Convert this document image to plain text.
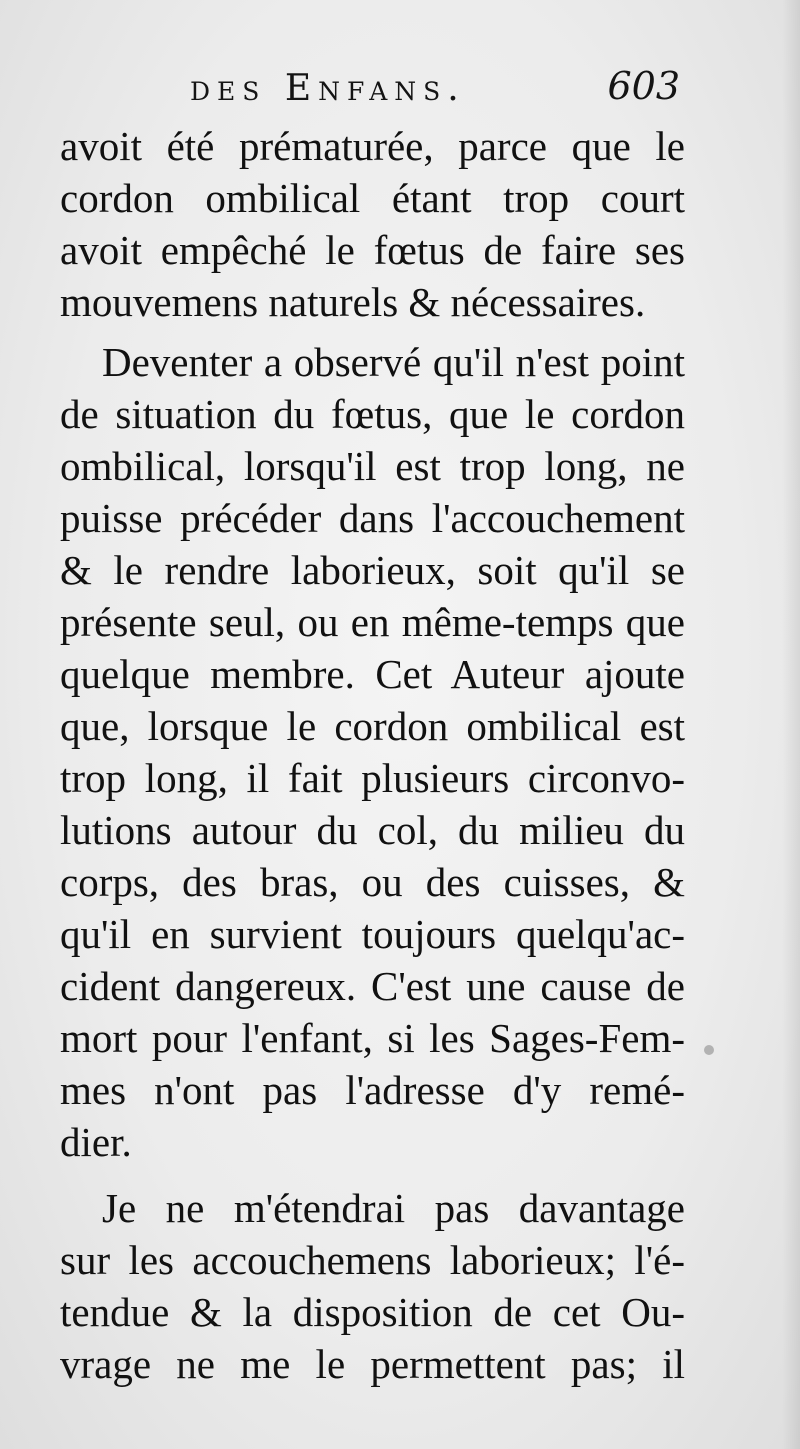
des Enfans.	603
avoit été prématurée, parce que le
cordon ombilical étant trop court
avoit empêché le fœtus de faire ses
mouvemens naturels & nécessaires.
Deventer a observé qu'il n'est point
de situation du fœtus, que le cordon
ombilical, lorsqu'il est trop long, ne
puisse précéder dans l'accouchement
& le rendre laborieux, soit qu'il se
présente seul, ou en même-temps que
quelque membre. Cet Auteur ajoute
que, lorsque le cordon ombilical est
trop long, il fait plusieurs circonvo-
lutions autour du col, du milieu du
corps, des bras, ou des cuisses, &
qu'il en survient toujours quelqu'ac-
cident dangereux. C'est une cause de
mort pour l'enfant, si les Sages-Fem-
mes n'ont pas l'adresse d'y remé-
dier.
Je ne m'étendrai pas davantage
sur les accouchemens laborieux; l'é-
tendue & la disposition de cet Ou-
vrage ne me le permettent pas; il
